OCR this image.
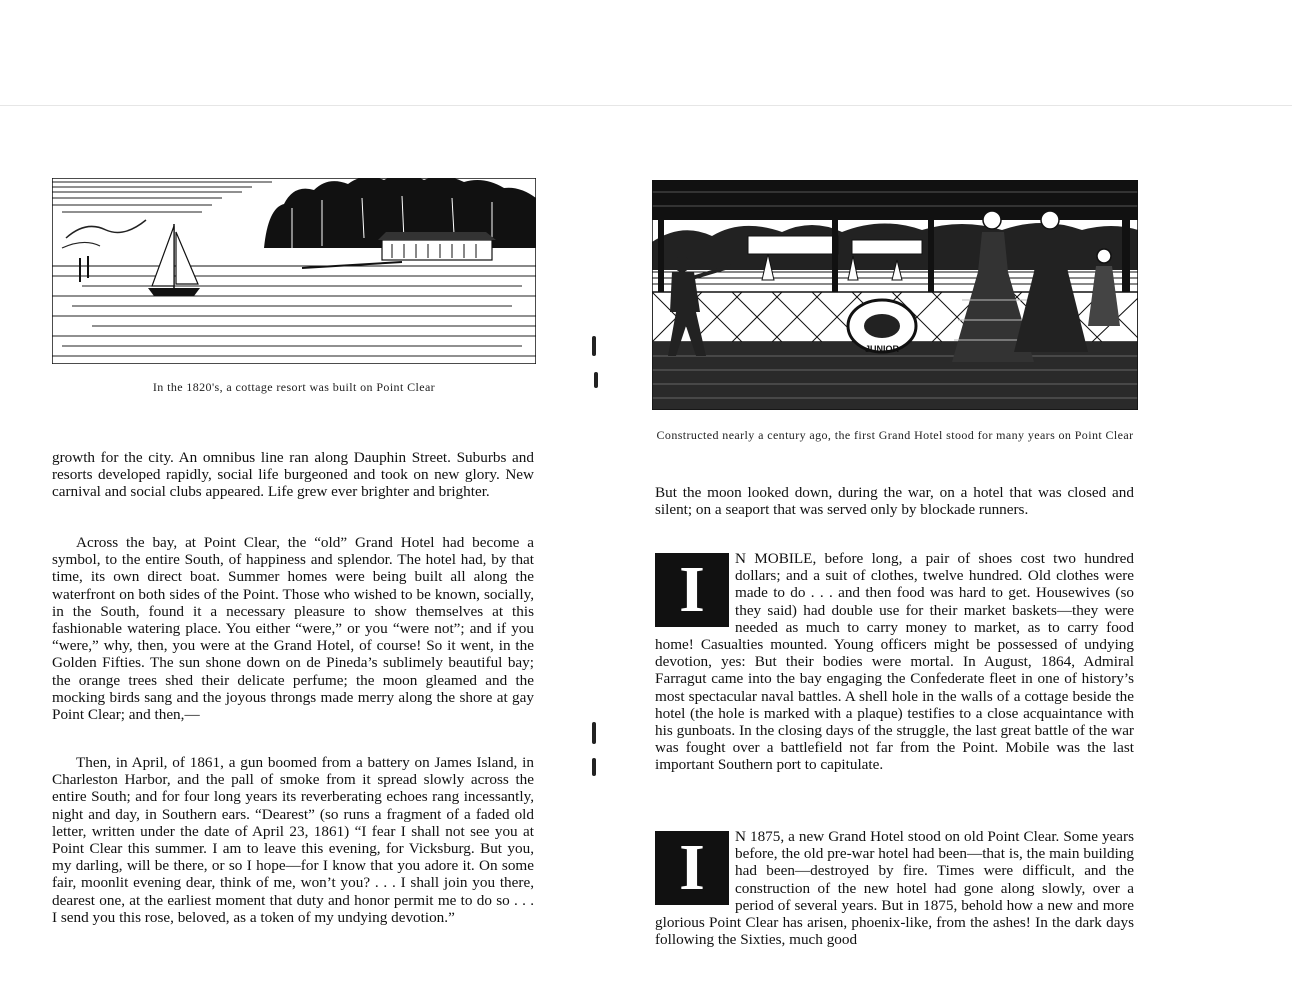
In the 1820's, a cottage resort was built on Point Clear
growth for the city. An omnibus line ran along Dauphin Street. Suburbs and resorts developed rapidly, social life burgeoned and took on new glory. New carnival and social clubs appeared. Life grew ever brighter and brighter.
Across the bay, at Point Clear, the “old” Grand Hotel had become a symbol, to the entire South, of happiness and splendor. The hotel had, by that time, its own direct boat. Summer homes were being built all along the waterfront on both sides of the Point. Those who wished to be known, socially, in the South, found it a necessary pleasure to show themselves at this fashionable watering place. You either “were,” or you “were not”; and if you “were,” why, then, you were at the Grand Hotel, of course! So it went, in the Golden Fifties. The sun shone down on de Pineda’s sublimely beautiful bay; the orange trees shed their delicate perfume; the moon gleamed and the mocking birds sang and the joyous throngs made merry along the shore at gay Point Clear; and then,—
Then, in April, of 1861, a gun boomed from a battery on James Island, in Charleston Harbor, and the pall of smoke from it spread slowly across the entire South; and for four long years its reverberating echoes rang incessantly, night and day, in Southern ears. “Dearest” (so runs a fragment of a faded old letter, written under the date of April 23, 1861) “I fear I shall not see you at Point Clear this summer. I am to leave this evening, for Vicksburg. But you, my darling, will be there, or so I hope—for I know that you adore it. On some fair, moonlit evening dear, think of me, won’t you? . . . I shall join you there, dearest one, at the earliest moment that duty and honor permit me to do so . . . I send you this rose, beloved, as a token of my undying devotion.”
JUNIOR
Constructed nearly a century ago, the first Grand Hotel stood for many years on Point Clear
But the moon looked down, during the war, on a hotel that was closed and silent; on a seaport that was served only by blockade runners.
I	N MOBILE, before long, a pair of shoes cost two hundred dollars; and a suit of clothes, twelve hundred. Old clothes were made to do . . . and then food was hard to get. Housewives (so they said) had double use for their market baskets—they were needed as much to carry money to market, as to carry food home! Casualties mounted. Young officers might be possessed of undying devotion, yes: But their bodies were mortal. In August, 1864, Admiral Farragut came into the bay engaging the Confederate fleet in one of history’s most spectacular naval battles. A shell hole in the walls of a cottage beside the hotel (the hole is marked with a plaque) testifies to a close acquaintance with his gunboats. In the closing days of the struggle, the last great battle of the war was fought over a battlefield not far from the Point. Mobile was the last important Southern port to capitulate.
I	N 1875, a new Grand Hotel stood on old Point Clear. Some years before, the old pre-war hotel had been—that is, the main building had been—destroyed by fire. Times were difficult, and the construction of the new hotel had gone along slowly, over a period of several years. But in 1875, behold how a new and more glorious Point Clear has arisen, phoenix-like, from the ashes! In the dark days following the Sixties, much good
